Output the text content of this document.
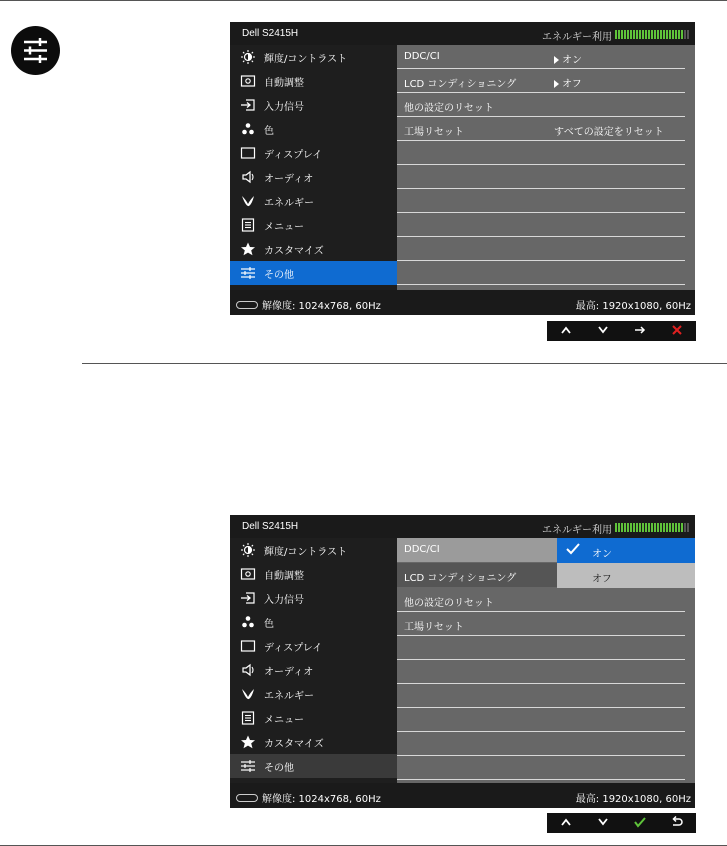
Dell S2415H	エネルギー利用
輝度/コントラスト
自動調整
入力信号
色
ディスプレイ
オーディオ
エネルギー
メニュー
カスタマイズ
その他
DDC/CI	オン
LCD コンディショニング	オフ
他の設定のリセット
工場リセット	すべての設定をリセット
解像度: 1024x768, 60Hz	最高: 1920x1080, 60Hz
Dell S2415H	エネルギー利用
輝度/コントラスト
自動調整
入力信号
色
ディスプレイ
オーディオ
エネルギー
メニュー
カスタマイズ
その他
DDC/CI
LCD コンディショニング
他の設定のリセット
工場リセット
オン
オフ
解像度: 1024x768, 60Hz	最高: 1920x1080, 60Hz
